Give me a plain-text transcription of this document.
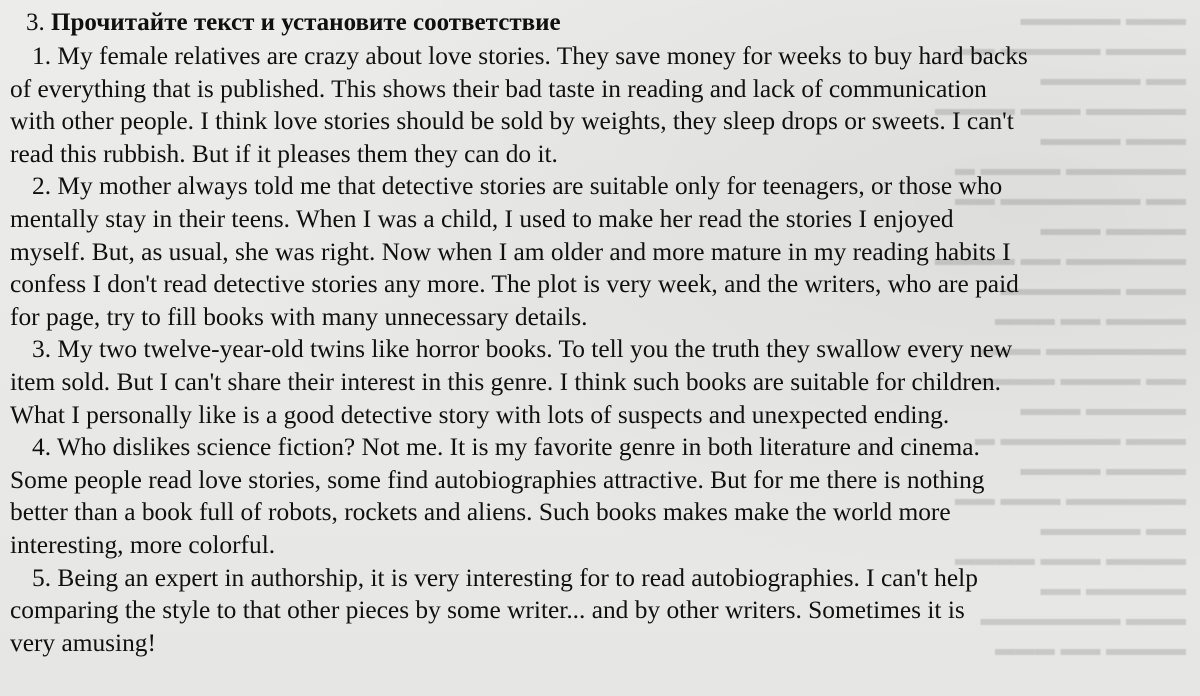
▬▬▬ ▬▬▬▬▬
▬▬▬▬ ▬▬▬▬▬ ▬▬
▬▬ ▬▬▬▬▬
▬▬▬▬▬ ▬▬▬ ▬▬▬▬
▬▬▬ ▬▬▬▬
▬▬▬▬▬▬ ▬▬▬▬ ▬
▬▬ ▬▬▬▬▬▬▬ ▬▬
▬▬▬▬ ▬▬▬
▬▬▬▬▬▬ ▬▬ ▬▬▬▬
▬▬▬ ▬▬▬▬▬▬
▬▬▬▬ ▬▬ ▬▬▬
▬▬▬▬▬▬▬ ▬▬▬
▬▬ ▬▬▬▬ ▬▬▬▬
▬▬▬▬▬ ▬▬▬
▬▬▬ ▬▬▬▬▬▬ ▬
▬▬▬▬ ▬▬▬▬
▬▬▬▬▬▬ ▬▬▬ ▬▬
▬▬ ▬▬▬▬▬
▬▬▬▬ ▬▬▬ ▬▬▬▬
▬▬▬▬▬ ▬▬
▬▬▬ ▬▬▬▬▬▬▬
▬▬▬▬ ▬▬ ▬▬▬

3. Прочитайте текст и установите соответствие

1. My female relatives are crazy about love stories. They save money for weeks to buy hard backs

of everything that is published. This shows their bad taste in reading and lack of communication

with other people. I think love stories should be sold by weights, they sleep drops or sweets. I can't

read this rubbish. But if it pleases them they can do it.

2. My mother always told me that detective stories are suitable only for teenagers, or those who

mentally stay in their teens. When I was a child, I used to make her read the stories I enjoyed

myself. But, as usual, she was right. Now when I am older and more mature in my reading habits I

confess I don't read detective stories any more. The plot is very week, and the writers, who are paid

for page, try to fill books with many unnecessary details.

3. My two twelve-year-old twins like horror books. To tell you the truth they swallow every new

item sold. But I can't share their interest in this genre. I think such books are suitable for children.

What I personally like is a good detective story with lots of suspects and unexpected ending.

4. Who dislikes science fiction? Not me. It is my favorite genre in both literature and cinema.

Some people read love stories, some find autobiographies attractive. But for me there is nothing

better than a book full of robots, rockets and aliens. Such books makes make the world more

interesting, more colorful.

5. Being an expert in authorship, it is very interesting for to read autobiographies. I can't help

comparing the style to that other pieces by some writer... and by other writers. Sometimes it is

very amusing!
